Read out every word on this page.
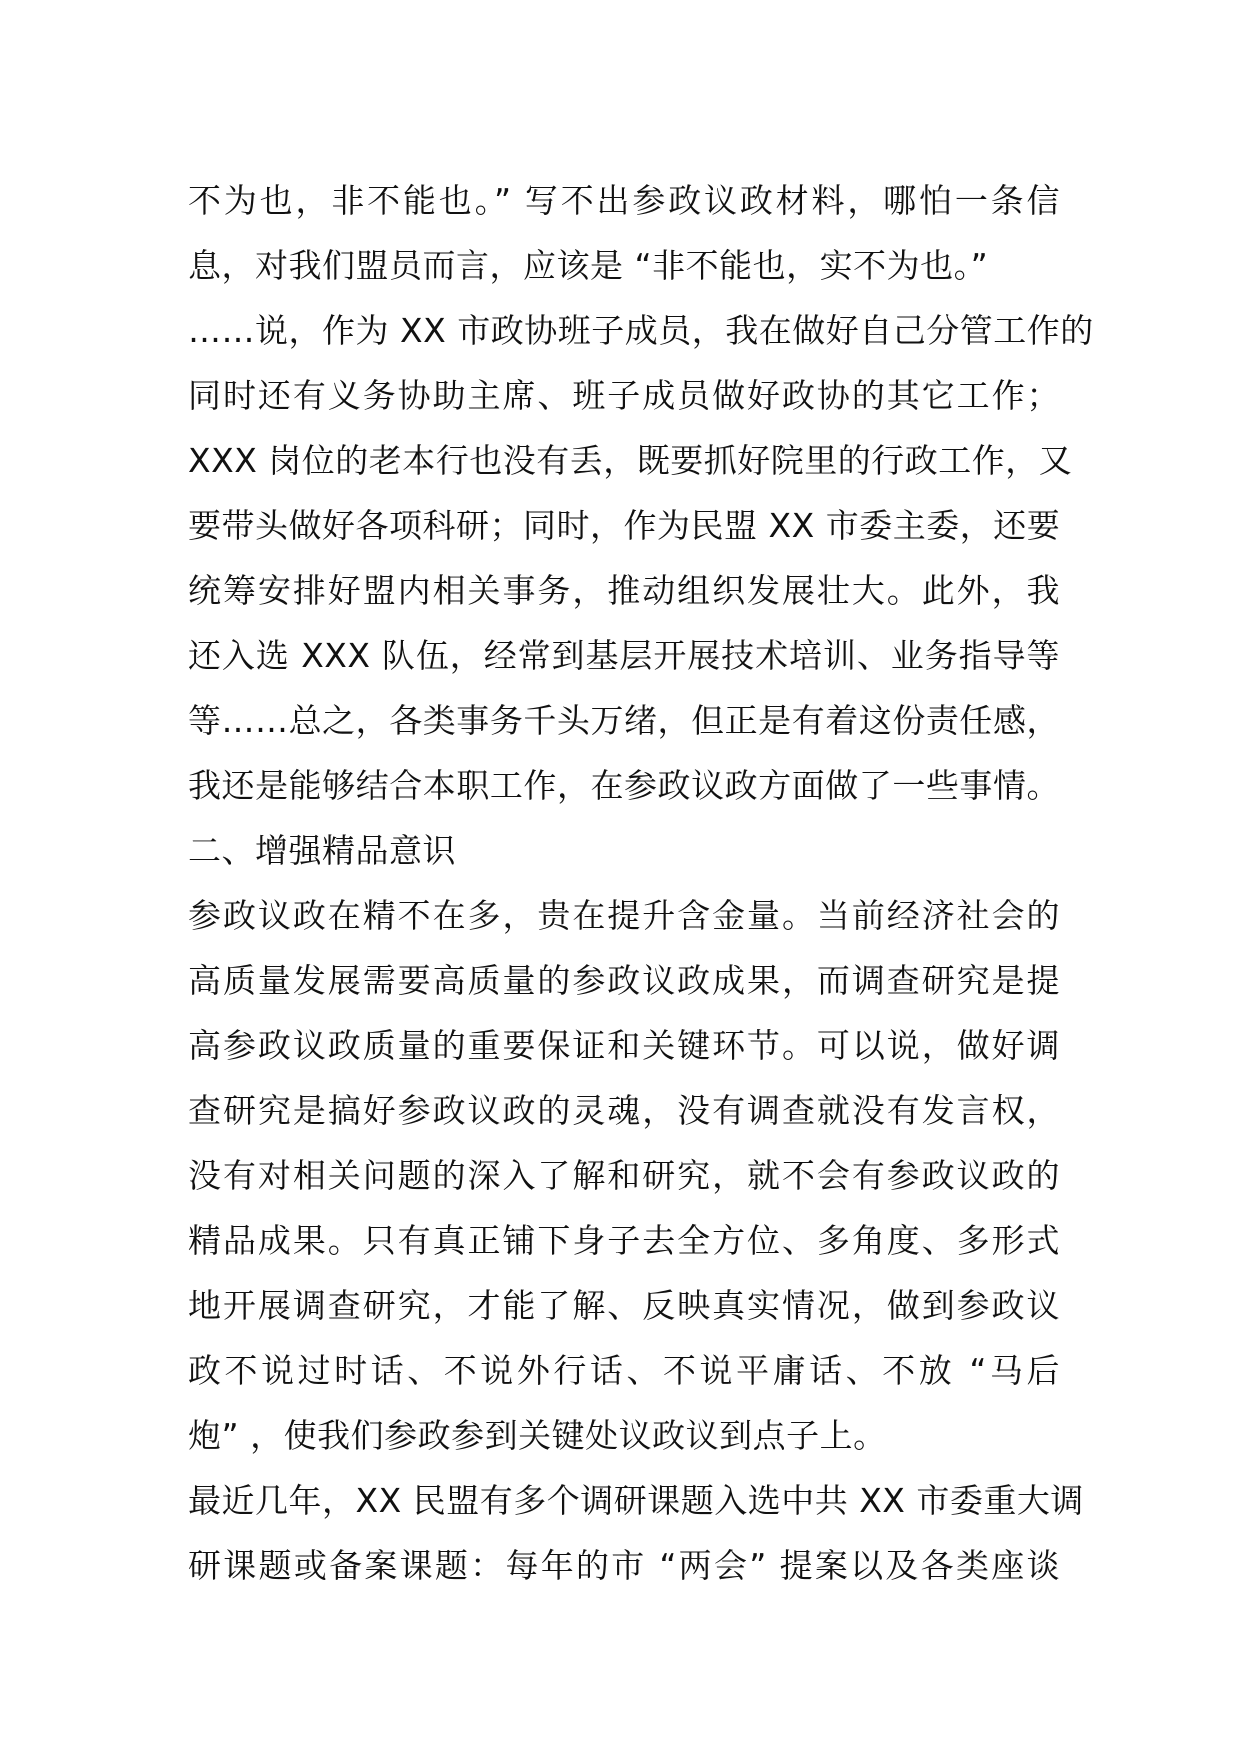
不为也，非不能也。” 写不出参政议政材料，哪怕一条信
息，对我们盟员而言，应该是 “非不能也，实不为也。”
……说，作为 XX 市政协班子成员，我在做好自己分管工作的
同时还有义务协助主席、班子成员做好政协的其它工作；
XXX 岗位的老本行也没有丢，既要抓好院里的行政工作，又
要带头做好各项科研；同时，作为民盟 XX 市委主委，还要
统筹安排好盟内相关事务，推动组织发展壮大。此外，我
还入选 XXX 队伍，经常到基层开展技术培训、业务指导等
等……总之，各类事务千头万绪，但正是有着这份责任感，
我还是能够结合本职工作，在参政议政方面做了一些事情。
二、增强精品意识
参政议政在精不在多，贵在提升含金量。当前经济社会的
高质量发展需要高质量的参政议政成果，而调查研究是提
高参政议政质量的重要保证和关键环节。可以说，做好调
查研究是搞好参政议政的灵魂，没有调查就没有发言权，
没有对相关问题的深入了解和研究，就不会有参政议政的
精品成果。只有真正铺下身子去全方位、多角度、多形式
地开展调查研究，才能了解、反映真实情况，做到参政议
政不说过时话、不说外行话、不说平庸话、不放 “马后
炮” ，使我们参政参到关键处议政议到点子上。
最近几年，XX 民盟有多个调研课题入选中共 XX 市委重大调
研课题或备案课题：每年的市 “两会” 提案以及各类座谈
